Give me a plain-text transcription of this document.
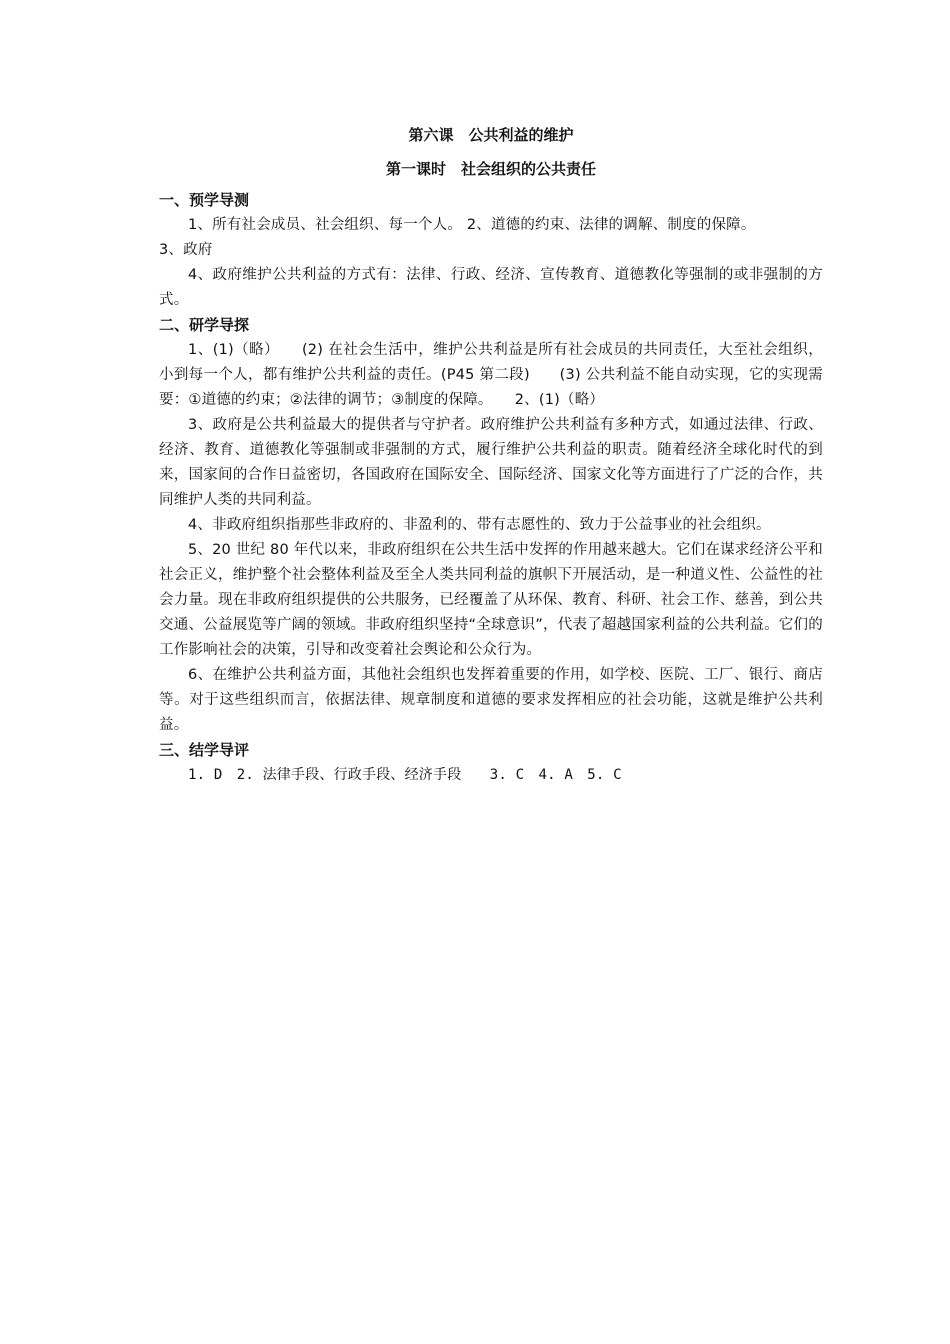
第六课　公共利益的维护
第一课时　社会组织的公共责任
一、预学导测

1、所有社会成员、社会组织、每一个人。 2、道德的约束、法律的调解、制度的保障。

3、政府

4、政府维护公共利益的方式有：法律、行政、经济、宣传教育、道德教化等强制的或非强制的方式。

二、研学导探

1、(1)（略）　　(2) 在社会生活中，维护公共利益是所有社会成员的共同责任，大至社会组织，小到每一个人，都有维护公共利益的责任。(P45 第二段)　　(3) 公共利益不能自动实现，它的实现需要：①道德的约束；②法律的调节；③制度的保障。　　2、(1)（略）

3、政府是公共利益最大的提供者与守护者。政府维护公共利益有多种方式，如通过法律、行政、经济、教育、道德教化等强制或非强制的方式，履行维护公共利益的职责。随着经济全球化时代的到来，国家间的合作日益密切，各国政府在国际安全、国际经济、国家文化等方面进行了广泛的合作，共同维护人类的共同利益。

4、非政府组织指那些非政府的、非盈利的、带有志愿性的、致力于公益事业的社会组织。

5、20 世纪 80 年代以来，非政府组织在公共生活中发挥的作用越来越大。它们在谋求经济公平和社会正义，维护整个社会整体利益及至全人类共同利益的旗帜下开展活动，是一种道义性、公益性的社会力量。现在非政府组织提供的公共服务，已经覆盖了从环保、教育、科研、社会工作、慈善，到公共交通、公益展览等广阔的领域。非政府组织坚持“全球意识”，代表了超越国家利益的公共利益。它们的工作影响社会的决策，引导和改变着社会舆论和公众行为。

6、在维护公共利益方面，其他社会组织也发挥着重要的作用，如学校、医院、工厂、银行、商店等。对于这些组织而言，依据法律、规章制度和道德的要求发挥相应的社会功能，这就是维护公共利益。

三、结学导评

1. D　2. 法律手段、行政手段、经济手段　　3. C　4. A　5. C
